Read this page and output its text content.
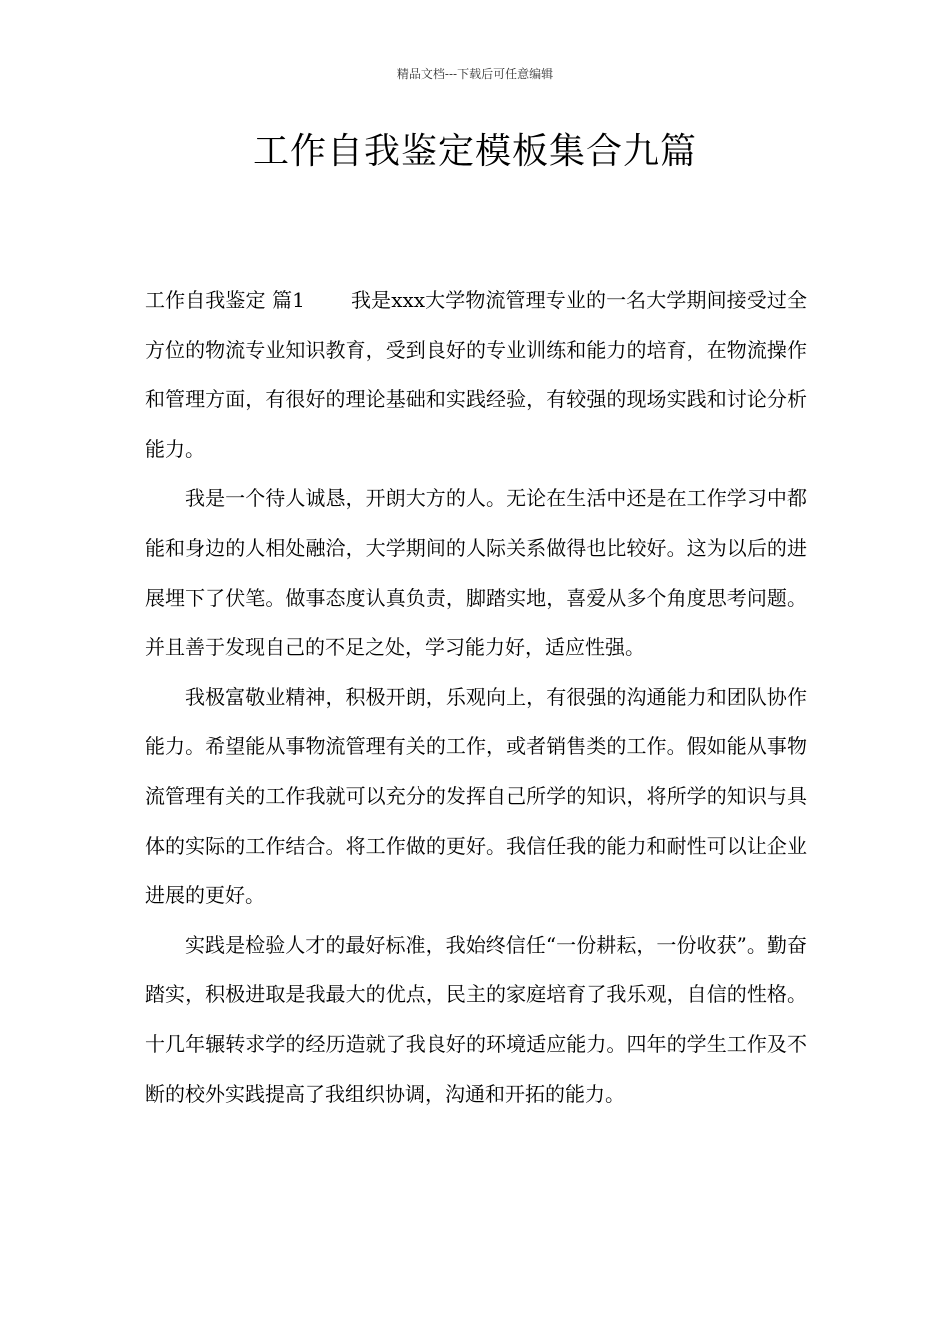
精品文档---下载后可任意编辑
工作自我鉴定模板集合九篇

工作自我鉴定 篇1 我是xxx大学物流管理专业的一名大学期间接受过全方位的物流专业知识教育，受到良好的专业训练和能力的培育，在物流操作和管理方面，有很好的理论基础和实践经验，有较强的现场实践和讨论分析能力。

我是一个待人诚恳，开朗大方的人。无论在生活中还是在工作学习中都能和身边的人相处融洽，大学期间的人际关系做得也比较好。这为以后的进展埋下了伏笔。做事态度认真负责，脚踏实地，喜爱从多个角度思考问题。并且善于发现自己的不足之处，学习能力好，适应性强。

我极富敬业精神，积极开朗，乐观向上，有很强的沟通能力和团队协作能力。希望能从事物流管理有关的工作，或者销售类的工作。假如能从事物流管理有关的工作我就可以充分的发挥自己所学的知识，将所学的知识与具体的实际的工作结合。将工作做的更好。我信任我的能力和耐性可以让企业进展的更好。

实践是检验人才的最好标准，我始终信任“一份耕耘，一份收获”。勤奋踏实，积极进取是我最大的优点，民主的家庭培育了我乐观，自信的性格。十几年辗转求学的经历造就了我良好的环境适应能力。四年的学生工作及不断的校外实践提高了我组织协调，沟通和开拓的能力。
